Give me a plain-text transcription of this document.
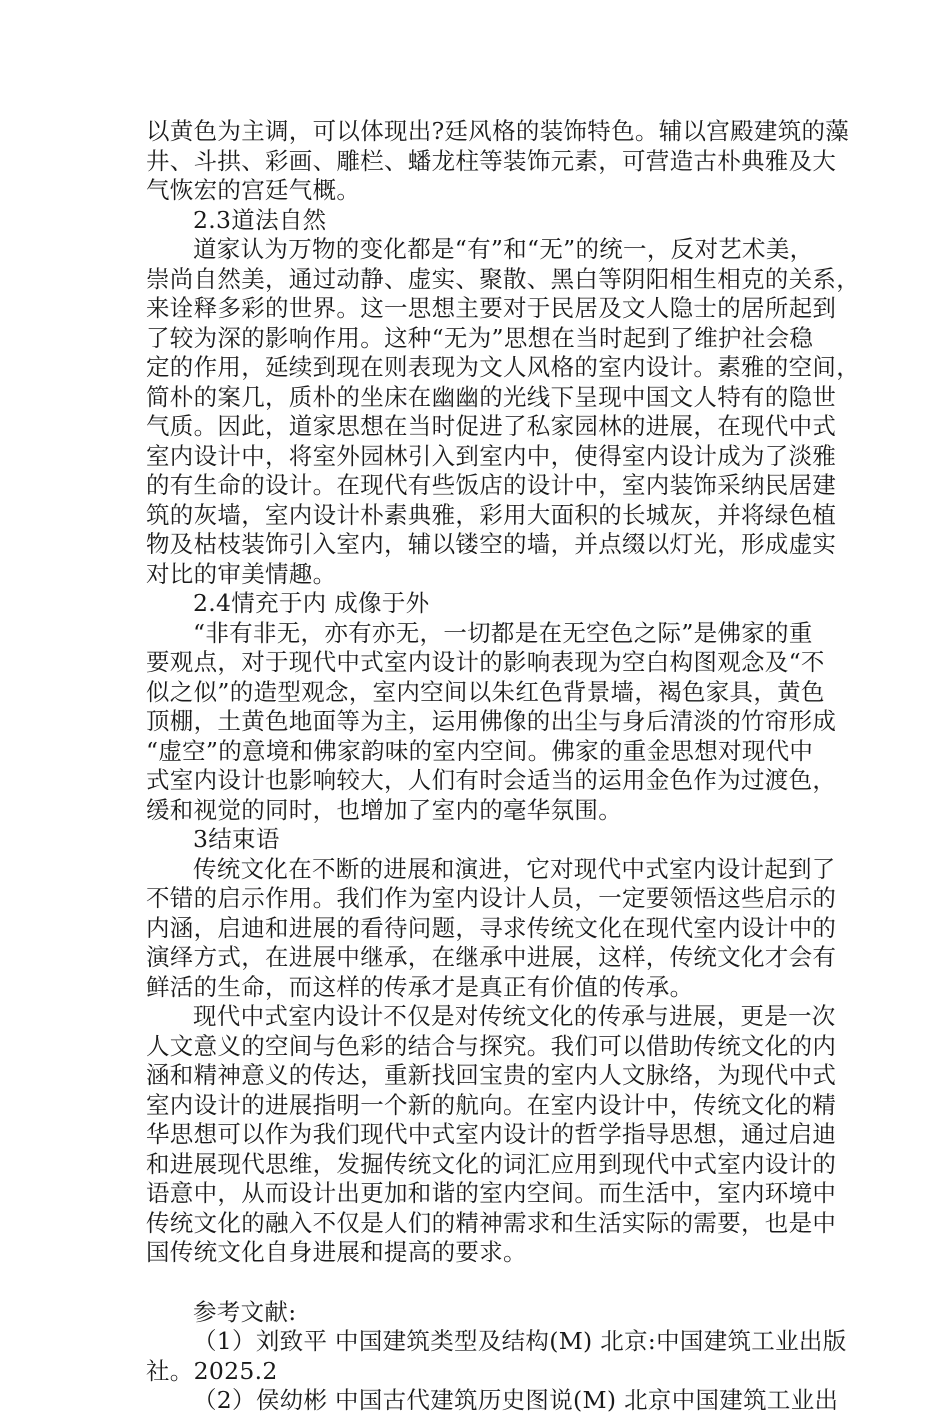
以黄色为主调，可以体现出?廷风格的装饰特色。辅以宫殿建筑的藻
井、斗拱、彩画、雕栏、蟠龙柱等装饰元素，可营造古朴典雅及大
气恢宏的宫廷气概。
2.3道法自然
道家认为万物的变化都是“有”和“无”的统一，反对艺术美，
崇尚自然美，通过动静、虚实、聚散、黑白等阴阳相生相克的关系，
来诠释多彩的世界。这一思想主要对于民居及文人隐士的居所起到
了较为深的影响作用。这种“无为”思想在当时起到了维护社会稳
定的作用，延续到现在则表现为文人风格的室内设计。素雅的空间，
简朴的案几，质朴的坐床在幽幽的光线下呈现中国文人特有的隐世
气质。因此，道家思想在当时促进了私家园林的进展，在现代中式
室内设计中，将室外园林引入到室内中，使得室内设计成为了淡雅
的有生命的设计。在现代有些饭店的设计中，室内装饰采纳民居建
筑的灰墙，室内设计朴素典雅，彩用大面积的长城灰，并将绿色植
物及枯枝装饰引入室内，辅以镂空的墙，并点缀以灯光，形成虚实
对比的审美情趣。
2.4情充于内 成像于外
“非有非无，亦有亦无，一切都是在无空色之际”是佛家的重
要观点，对于现代中式室内设计的影响表现为空白构图观念及“不
似之似”的造型观念，室内空间以朱红色背景墙，褐色家具，黄色
顶棚，土黄色地面等为主，运用佛像的出尘与身后清淡的竹帘形成
“虚空”的意境和佛家韵味的室内空间。佛家的重金思想对现代中
式室内设计也影响较大，人们有时会适当的运用金色作为过渡色，
缓和视觉的同时，也增加了室内的毫华氛围。
3结束语
传统文化在不断的进展和演进，它对现代中式室内设计起到了
不错的启示作用。我们作为室内设计人员，一定要领悟这些启示的
内涵，启迪和进展的看待问题，寻求传统文化在现代室内设计中的
演绎方式，在进展中继承，在继承中进展，这样，传统文化才会有
鲜活的生命，而这样的传承才是真正有价值的传承。
现代中式室内设计不仅是对传统文化的传承与进展，更是一次
人文意义的空间与色彩的结合与探究。我们可以借助传统文化的内
涵和精神意义的传达，重新找回宝贵的室内人文脉络，为现代中式
室内设计的进展指明一个新的航向。在室内设计中，传统文化的精
华思想可以作为我们现代中式室内设计的哲学指导思想，通过启迪
和进展现代思维，发掘传统文化的词汇应用到现代中式室内设计的
语意中，从而设计出更加和谐的室内空间。而生活中，室内环境中
传统文化的融入不仅是人们的精神需求和生活实际的需要，也是中
国传统文化自身进展和提高的要求。
参考文献:
（1）刘致平 中国建筑类型及结构(M) 北京:中国建筑工业出版
社。2025.2
（2）侯幼彬 中国古代建筑历史图说(M) 北京中国建筑工业出
